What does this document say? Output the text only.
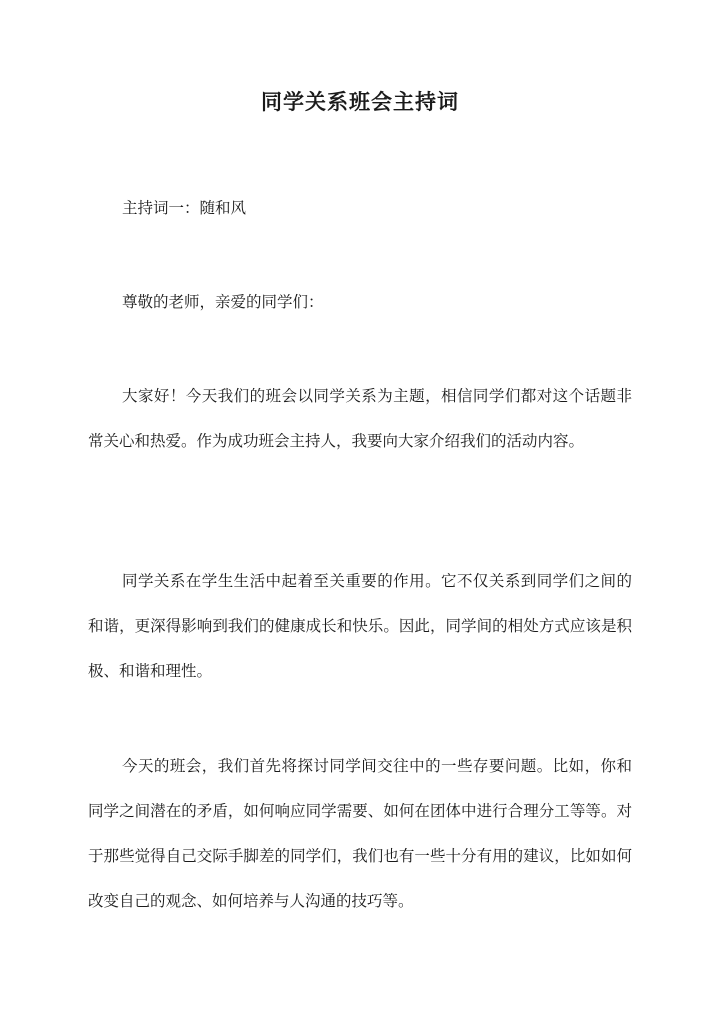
同学关系班会主持词

主持词一：随和风

尊敬的老师，亲爱的同学们：

大家好！今天我们的班会以同学关系为主题，相信同学们都对这个话题非常关心和热爱。作为成功班会主持人，我要向大家介绍我们的活动内容。

同学关系在学生生活中起着至关重要的作用。它不仅关系到同学们之间的和谐，更深得影响到我们的健康成长和快乐。因此，同学间的相处方式应该是积极、和谐和理性。

今天的班会，我们首先将探讨同学间交往中的一些存要问题。比如，你和同学之间潜在的矛盾，如何响应同学需要、如何在团体中进行合理分工等等。对于那些觉得自己交际手脚差的同学们，我们也有一些十分有用的建议，比如如何改变自己的观念、如何培养与人沟通的技巧等。
